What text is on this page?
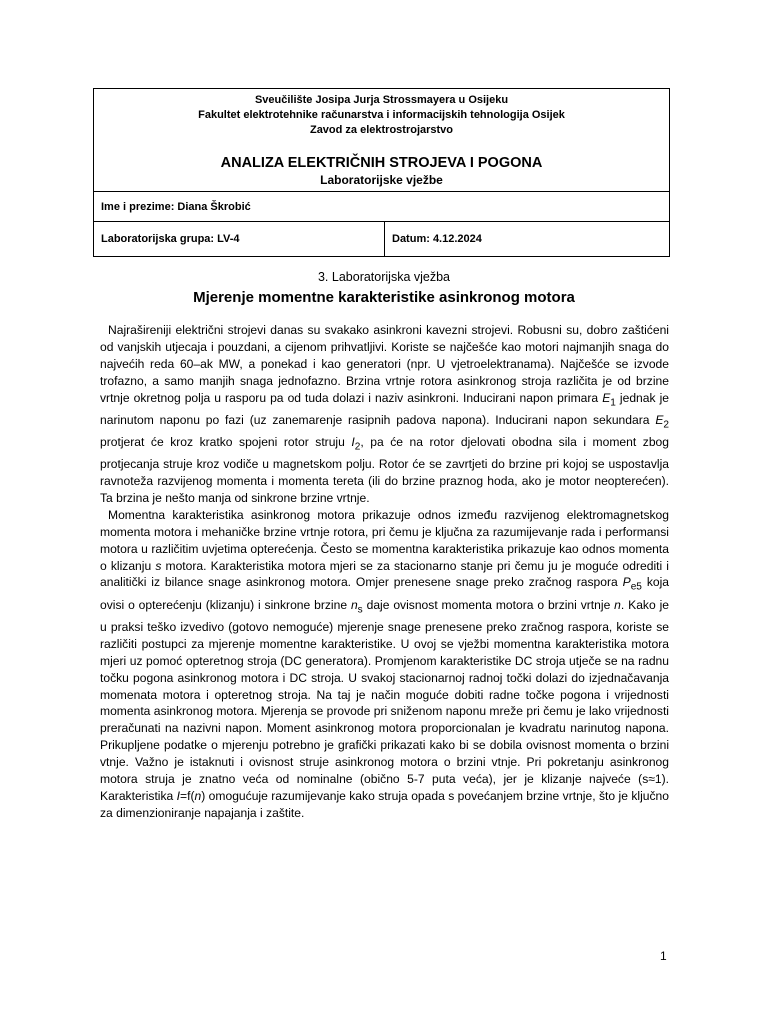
Sveučilište Josipa Jurja Strossmayera u Osijeku
Fakultet elektrotehnike računarstva i informacijskih tehnologija Osijek
Zavod za elektrostrojarstvo
ANALIZA ELEKTRIČNIH STROJEVA I POGONA
Laboratorijske vježbe

Ime i prezime: Diana Škrobić
Laboratorijska grupa: LV-4	Datum: 4.12.2024
3. Laboratorijska vježba
Mjerenje momentne karakteristike asinkronog motora

Najrašireniji električni strojevi danas su svakako asinkroni kavezni strojevi. Robusni su, dobro zaštićeni od vanjskih utjecaja i pouzdani, a cijenom prihvatljivi. Koriste se najčešće kao motori najmanjih snaga do najvećih reda 60–ak MW, a ponekad i kao generatori (npr. U vjetroelektranama). Najčešće se izvode trofazno, a samo manjih snaga jednofazno. Brzina vrtnje rotora asinkronog stroja različita je od brzine vrtnje okretnog polja u rasporu pa od tuda dolazi i naziv asinkroni. Inducirani napon primara $E_1$ jednak je narinutom naponu po fazi (uz zanemarenje rasipnih padova napona). Inducirani napon sekundara $E_2$ protjerat će kroz kratko spojeni rotor struju $I_2$, pa će na rotor djelovati obodna sila i moment zbog protjecanja struje kroz vodiče u magnetskom polju. Rotor će se zavrtjeti do brzine pri kojoj se uspostavlja ravnoteža razvijenog momenta i momenta tereta (ili do brzine praznog hoda, ako je motor neopterećen). Ta brzina je nešto manja od sinkrone brzine vrtnje.

Momentna karakteristika asinkronog motora prikazuje odnos između razvijenog elektromagnetskog momenta motora i mehaničke brzine vrtnje rotora, pri čemu je ključna za razumijevanje rada i performansi motora u različitim uvjetima opterećenja. Često se momentna karakteristika prikazuje kao odnos momenta o klizanju s motora. Karakteristika motora mjeri se za stacionarno stanje pri čemu ju je moguće odrediti i analitički iz bilance snage asinkronog motora. Omjer prenesene snage preko zračnog raspora $P_{e5}$ koja ovisi o opterećenju (klizanju) i sinkrone brzine $n_s$ daje ovisnost momenta motora o brzini vrtnje n. Kako je u praksi teško izvedivo (gotovo nemoguće) mjerenje snage prenesene preko zračnog raspora, koriste se različiti postupci za mjerenje momentne karakteristike. U ovoj se vježbi momentna karakteristika motora mjeri uz pomoć opteretnog stroja (DC generatora). Promjenom karakteristike DC stroja utječe se na radnu točku pogona asinkronog motora i DC stroja. U svakoj stacionarnoj radnoj točki dolazi do izjednačavanja momenata motora i opteretnog stroja. Na taj je način moguće dobiti radne točke pogona i vrijednosti momenta asinkronog motora. Mjerenja se provode pri sniženom naponu mreže pri čemu je lako vrijednosti preračunati na nazivni napon. Moment asinkronog motora proporcionalan je kvadratu narinutog napona. Prikupljene podatke o mjerenju potrebno je grafički prikazati kako bi se dobila ovisnost momenta o brzini vtnje. Važno je istaknuti i ovisnost struje asinkronog motora o brzini vtnje. Pri pokretanju asinkronog motora struja je znatno veća od nominalne (obično 5-7 puta veća), jer je klizanje najveće (s≈1). Karakteristika I=f(n) omogućuje razumijevanje kako struja opada s povećanjem brzine vrtnje, što je ključno za dimenzioniranje napajanja i zaštite.

1
